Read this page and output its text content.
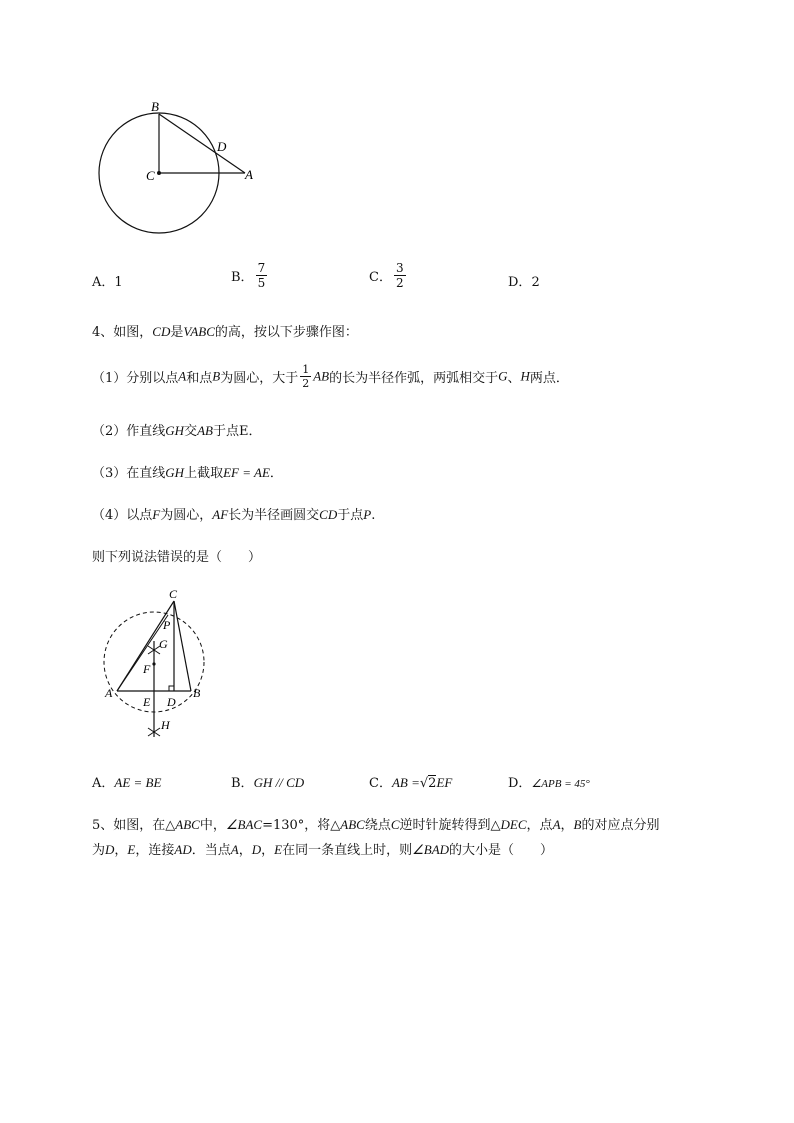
B
D
C	A
A．1	B． $\frac{7}{5}$	C． $\frac{3}{2}$	D．2
4、如图，CD是VABC的高，按以下步骤作图：
（1）分别以点A和点B为圆心，大于 $\frac{1}{2}$ AB的长为半径作弧，两弧相交于G、H两点．
（2）作直线GH交AB于点E．
（3）在直线GH上截取EF = AE．
（4）以点F为圆心，AF长为半径画圆交CD于点P.
则下列说法错误的是（　　）
C
P
G
F
A
E D
B
H
A．AE = BE	B．GH // CD	C．AB =√2EF	D．∠APB = 45°
5、如图，在△ABC中，∠BAC=130°，将△ABC绕点C逆时针旋转得到△DEC，点A，B的对应点分别
为D，E，连接AD．当点A，D，E在同一条直线上时，则∠BAD的大小是（　　）
